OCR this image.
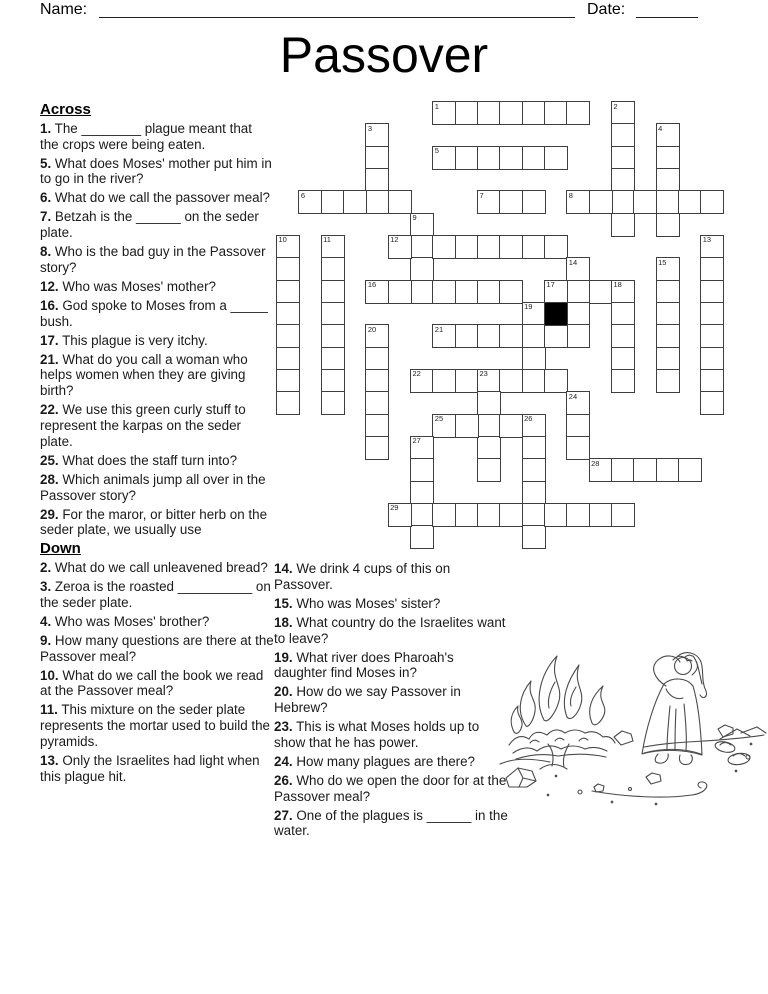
Name:	Date:
Passover
Across
1. The ________ plague meant that the crops were being eaten.
5. What does Moses' mother put him in to go in the river?
6. What do we call the passover meal?
7. Betzah is the ______ on the seder plate.
8. Who is the bad guy in the Passover story?
12. Who was Moses' mother?
16. God spoke to Moses from a _____ bush.
17. This plague is very itchy.
21. What do you call a woman who helps women when they are giving birth?
22. We use this green curly stuff to represent the karpas on the seder plate.
25. What does the staff turn into?
28. Which animals jump all over in the Passover story?
29. For the maror, or bitter herb on the seder plate, we usually use
Down
2. What do we call unleavened bread?
3. Zeroa is the roasted __________ on the seder plate.
4. Who was Moses' brother?
9. How many questions are there at the Passover meal?
10. What do we call the book we read at the Passover meal?
11. This mixture on the seder plate represents the mortar used to build the pyramids.
13. Only the Israelites had light when this plague hit.
14. We drink 4 cups of this on Passover.
15. Who was Moses' sister?
18. What country do the Israelites want to leave?
19. What river does Pharoah's daughter find Moses in?
20. How do we say Passover in Hebrew?
23. This is what Moses holds up to show that he has power.
24. How many plagues are there?
26. Who do we open the door for at the Passover meal?
27. One of the plagues is ______ in the water.
1	2
3	4
5
6	7	8
9
10	11	12	13
14	15
16	17	18
19
20	21
22	23
24
25	26
27
28
29
